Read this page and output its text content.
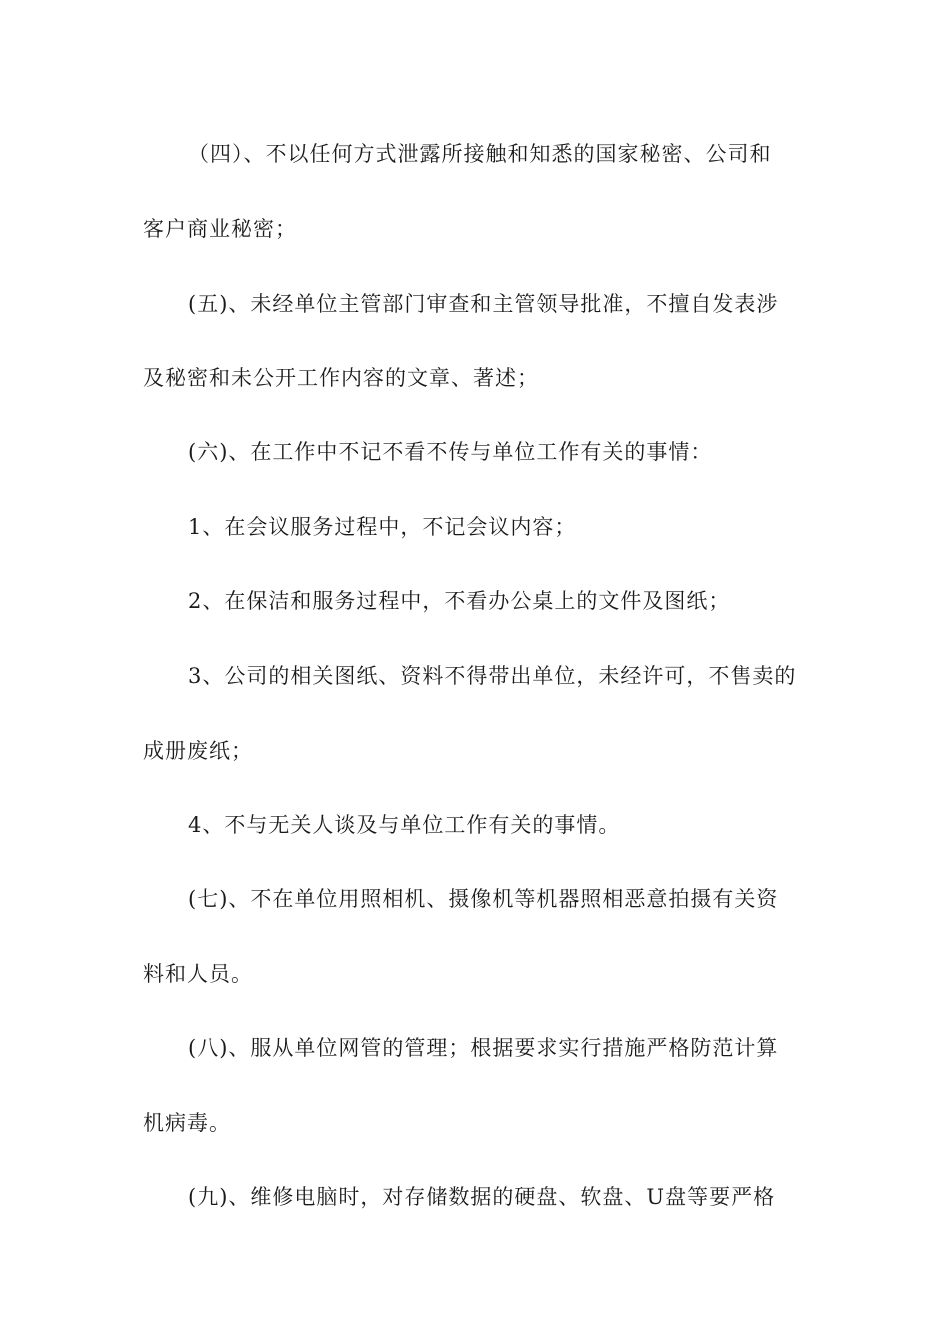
（四）、不以任何方式泄露所接触和知悉的国家秘密、公司和
客户商业秘密；
(五)、未经单位主管部门审查和主管领导批准，不擅自发表涉
及秘密和未公开工作内容的文章、著述；
(六)、在工作中不记不看不传与单位工作有关的事情：
1、在会议服务过程中，不记会议内容；
2、在保洁和服务过程中，不看办公桌上的文件及图纸；
3、公司的相关图纸、资料不得带出单位，未经许可，不售卖的
成册废纸；
4、不与无关人谈及与单位工作有关的事情。
(七)、不在单位用照相机、摄像机等机器照相恶意拍摄有关资
料和人员。
(八)、服从单位网管的管理；根据要求实行措施严格防范计算
机病毒。
(九)、维修电脑时，对存储数据的硬盘、软盘、U盘等要严格
